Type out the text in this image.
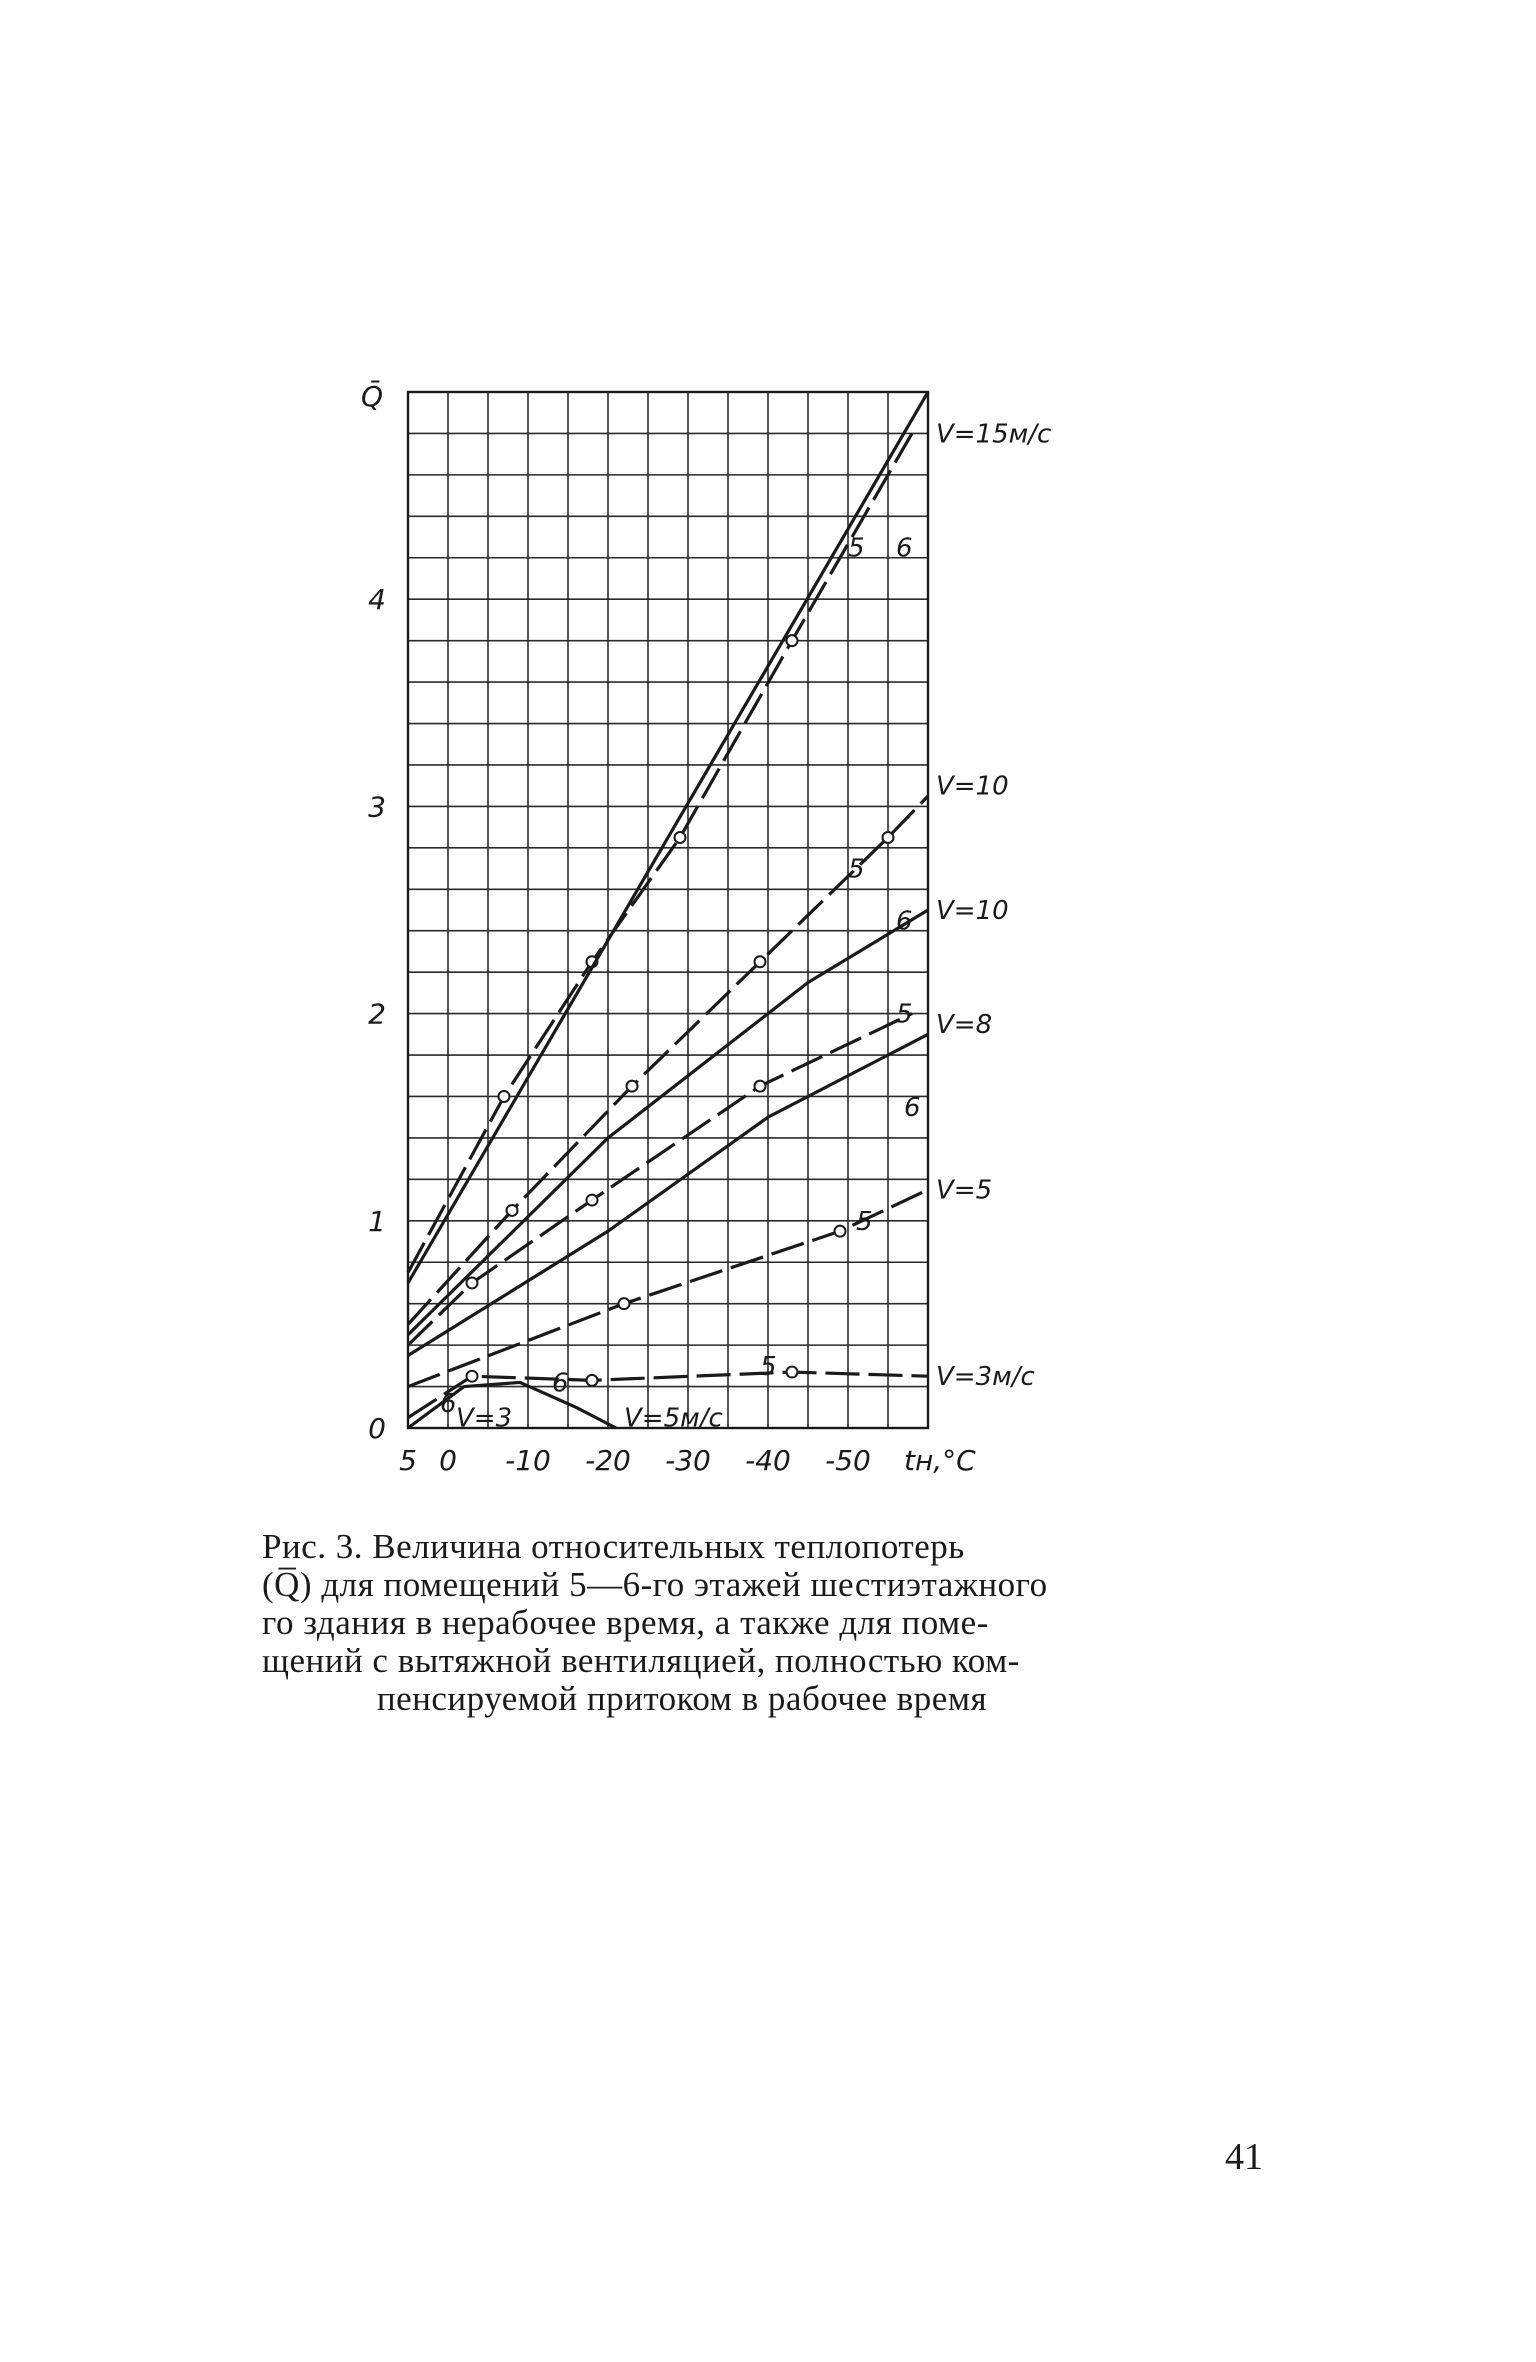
0
1
2
3
4
Q̄
5 0 -10 -20 -30 -40 -50 tн,°C
V=15м/с
V=10
V=10
V=8
V=5
V=3м/с
V=3	V=5м/с
5 6
5
6
5
6
5
5
6
6
Рис. 3. Величина относительных теплопотерь
(Q̅) для помещений 5—6-го этажей шестиэтажного
го здания в нерабочее время, а также для поме-
щений с вытяжной вентиляцией, полностью ком-
пенсируемой притоком в рабочее время
41
